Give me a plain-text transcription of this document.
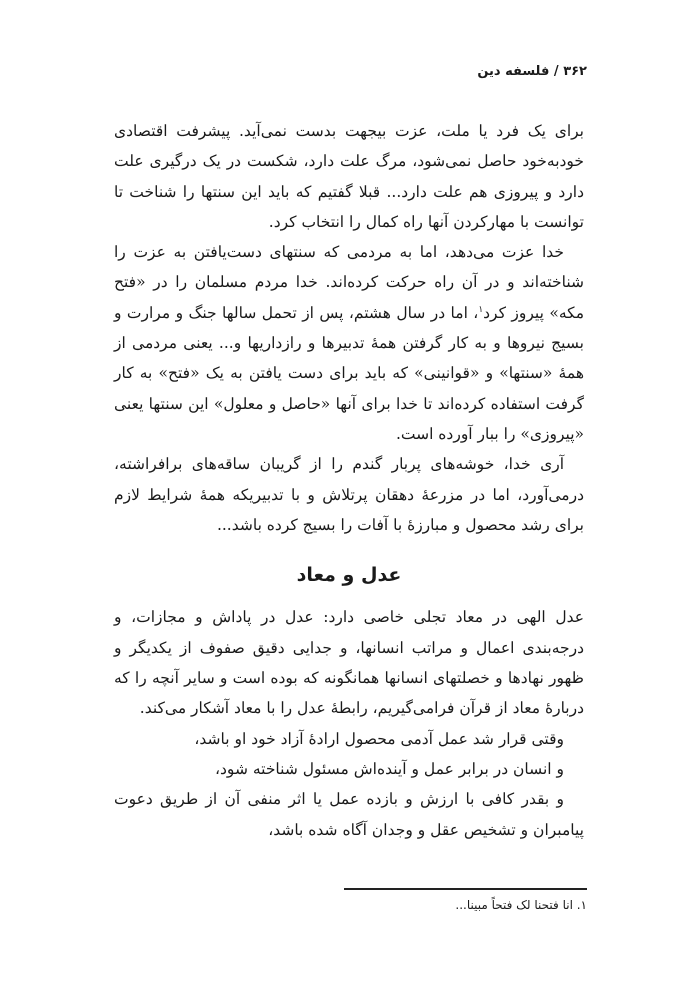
۳۶۲ / فلسفه دین

برای یک فرد یا ملت، عزت بیجهت بدست نمی‌آید. پیشرفت اقتصادی خودبه‌خود حاصل نمی‌شود، مرگ علت دارد، شکست در یک درگیری علت دارد و پیروزی هم علت دارد... قبلا گفتیم که باید این سنتها را شناخت تا توانست با مهارکردن آنها راه کمال را انتخاب کرد.

خدا عزت می‌دهد، اما به مردمی که سنتهای دست‌یافتن به عزت را شناخته‌اند و در آن راه حرکت کرده‌اند. خدا مردم مسلمان را در «فتح مکه» پیروز کرد$^۱$، اما در سال هشتم، پس از تحمل سالها جنگ و مرارت و بسیج نیروها و به کار گرفتن همهٔ تدبیرها و رازداریها و... یعنی مردمی از همهٔ «سنتها» و «قوانینی» که باید برای دست یافتن به یک «فتح» به کار گرفت استفاده کرده‌اند تا خدا برای آنها «حاصل و معلول» این سنتها یعنی «پیروزی» را ببار آورده است.

آری خدا، خوشه‌های پربار گندم را از گریبان ساقه‌های برافراشته، درمی‌آورد، اما در مزرعهٔ دهقان پرتلاش و با تدبیریکه همهٔ شرایط لازم برای رشد محصول و مبارزهٔ با آفات را بسیج کرده باشد...

عدل و معاد

عدل الهی در معاد تجلی خاصی دارد: عدل در پاداش و مجازات، و درجه‌بندی اعمال و مراتب انسانها، و جدایی دقیق صفوف از یکدیگر و ظهور نهادها و خصلتهای انسانها همانگونه که بوده است و سایر آنچه را که دربارهٔ معاد از قرآن فرامی‌گیریم، رابطهٔ عدل را با معاد آشکار می‌کند.

وقتی قرار شد عمل آدمی محصول ارادهٔ آزاد خود او باشد،

و انسان در برابر عمل و آینده‌اش مسئول شناخته شود،

و بقدر کافی با ارزش و بازده عمل یا اثر منفی آن از طریق دعوت پیامبران و تشخیص عقل و وجدان آگاه شده باشد،

۱. انا فتحنا لک فتحاً مبینا...
